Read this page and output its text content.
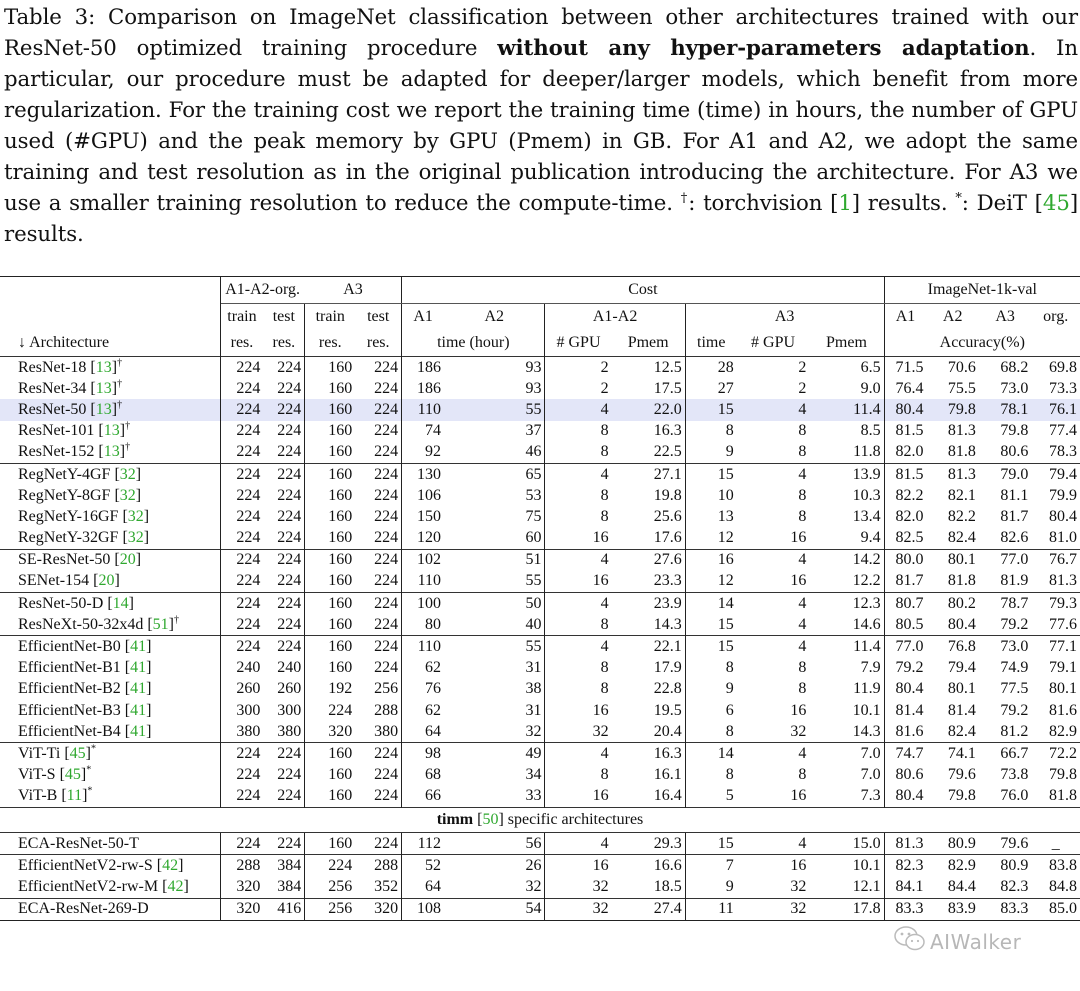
Table 3: Comparison on ImageNet classification between other architectures trained with our ResNet-50 optimized training procedure without any hyper-parameters adaptation. In particular, our procedure must be adapted for deeper/larger models, which benefit from more regularization. For the training cost we report the training time (time) in hours, the number of GPU used (#GPU) and the peak memory by GPU (Pmem) in GB. For A1 and A2, we adopt the same training and test resolution as in the original publication introducing the architecture. For A3 we use a smaller training resolution to reduce the compute-time. †: torchvision [1] results. *: DeiT [45] results.
	A1-A2-org.		A3		Cost							ImageNet-1k-val			
	train	test	train	test	A1	A2	A1-A2		A3			A1	A2	A3	org.
↓ Architecture	res.	res.	res.	res.	time (hour)		# GPU	Pmem	time	# GPU	Pmem	Accuracy(%)			
ResNet-18 [13]†	224	224	160	224	186	93	2	12.5	28	2	6.5	71.5	70.6	68.2	69.8
ResNet-34 [13]†	224	224	160	224	186	93	2	17.5	27	2	9.0	76.4	75.5	73.0	73.3
ResNet-50 [13]†	224	224	160	224	110	55	4	22.0	15	4	11.4	80.4	79.8	78.1	76.1
ResNet-101 [13]†	224	224	160	224	74	37	8	16.3	8	8	8.5	81.5	81.3	79.8	77.4
ResNet-152 [13]†	224	224	160	224	92	46	8	22.5	9	8	11.8	82.0	81.8	80.6	78.3
RegNetY-4GF [32]	224	224	160	224	130	65	4	27.1	15	4	13.9	81.5	81.3	79.0	79.4
RegNetY-8GF [32]	224	224	160	224	106	53	8	19.8	10	8	10.3	82.2	82.1	81.1	79.9
RegNetY-16GF [32]	224	224	160	224	150	75	8	25.6	13	8	13.4	82.0	82.2	81.7	80.4
RegNetY-32GF [32]	224	224	160	224	120	60	16	17.6	12	16	9.4	82.5	82.4	82.6	81.0
SE-ResNet-50 [20]	224	224	160	224	102	51	4	27.6	16	4	14.2	80.0	80.1	77.0	76.7
SENet-154 [20]	224	224	160	224	110	55	16	23.3	12	16	12.2	81.7	81.8	81.9	81.3
ResNet-50-D [14]	224	224	160	224	100	50	4	23.9	14	4	12.3	80.7	80.2	78.7	79.3
ResNeXt-50-32x4d [51]†	224	224	160	224	80	40	8	14.3	15	4	14.6	80.5	80.4	79.2	77.6
EfficientNet-B0 [41]	224	224	160	224	110	55	4	22.1	15	4	11.4	77.0	76.8	73.0	77.1
EfficientNet-B1 [41]	240	240	160	224	62	31	8	17.9	8	8	7.9	79.2	79.4	74.9	79.1
EfficientNet-B2 [41]	260	260	192	256	76	38	8	22.8	9	8	11.9	80.4	80.1	77.5	80.1
EfficientNet-B3 [41]	300	300	224	288	62	31	16	19.5	6	16	10.1	81.4	81.4	79.2	81.6
EfficientNet-B4 [41]	380	380	320	380	64	32	32	20.4	8	32	14.3	81.6	82.4	81.2	82.9
ViT-Ti [45]*	224	224	160	224	98	49	4	16.3	14	4	7.0	74.7	74.1	66.7	72.2
ViT-S [45]*	224	224	160	224	68	34	8	16.1	8	8	7.0	80.6	79.6	73.8	79.8
ViT-B [11]*	224	224	160	224	66	33	16	16.4	5	16	7.3	80.4	79.8	76.0	81.8
timm [50] specific architectures															
ECA-ResNet-50-T	224	224	160	224	112	56	4	29.3	15	4	15.0	81.3	80.9	79.6	_
EfficientNetV2-rw-S [42]	288	384	224	288	52	26	16	16.6	7	16	10.1	82.3	82.9	80.9	83.8
EfficientNetV2-rw-M [42]	320	384	256	352	64	32	32	18.5	9	32	12.1	84.1	84.4	82.3	84.8
ECA-ResNet-269-D	320	416	256	320	108	54	32	27.4	11	32	17.8	83.3	83.9	83.3	85.0
AIWalker
